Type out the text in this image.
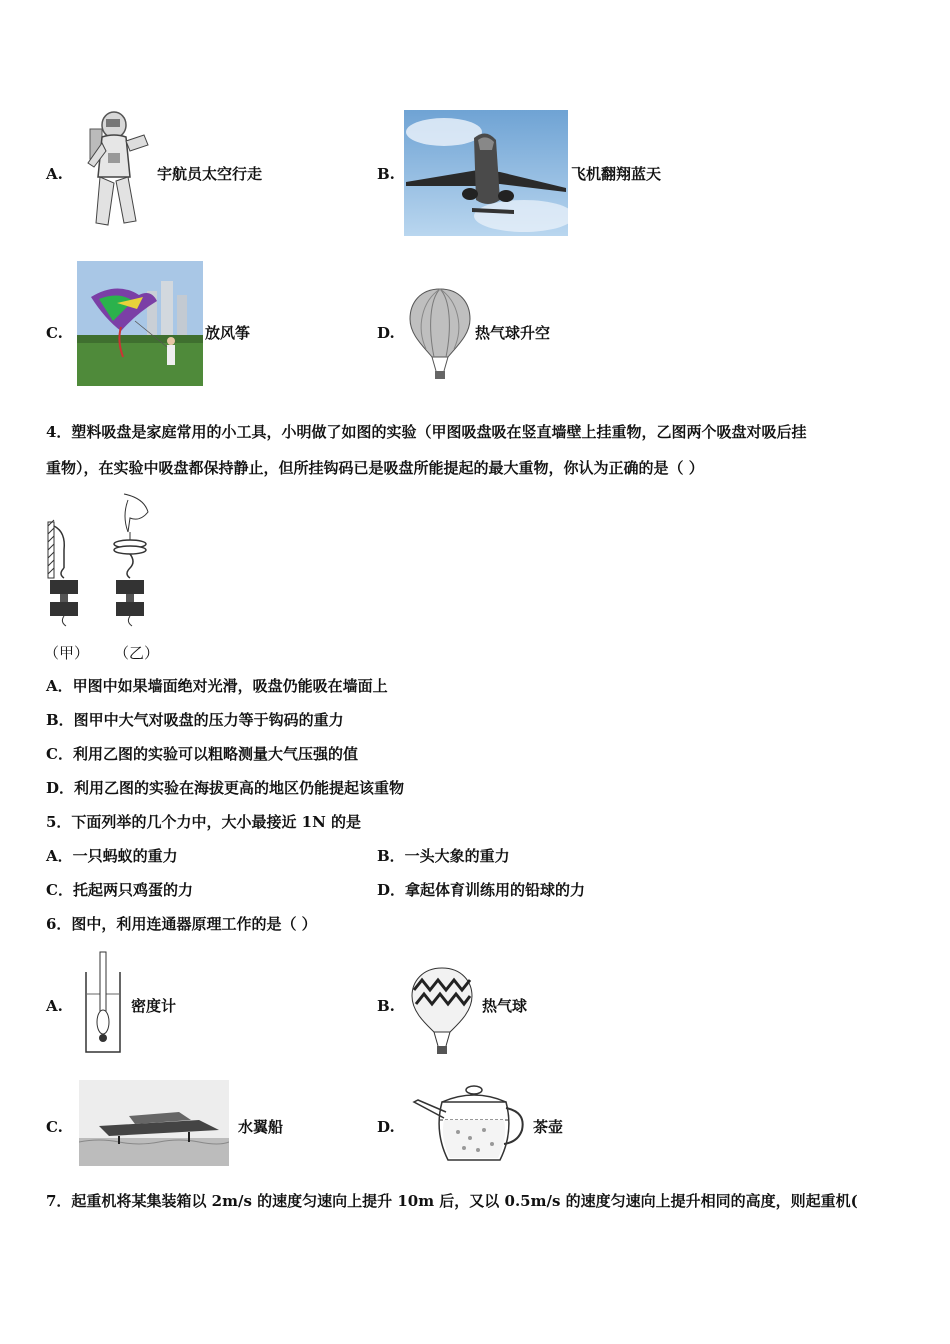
A.	宇航员太空行走	B.	飞机翻翔蓝天
C.	放风筝	D.	热气球升空
4．塑料吸盘是家庭常用的小工具，小明做了如图的实验（甲图吸盘吸在竖直墙壁上挂重物，乙图两个吸盘对吸后挂
重物），在实验中吸盘都保持静止，但所挂钩码已是吸盘所能提起的最大重物，你认为正确的是（ ）
（甲） （乙）
A．甲图中如果墙面绝对光滑，吸盘仍能吸在墙面上
B．图甲中大气对吸盘的压力等于钩码的重力
C．利用乙图的实验可以粗略测量大气压强的值
D．利用乙图的实验在海拔更高的地区仍能提起该重物
5．下面列举的几个力中，大小最接近 1N 的是
A．一只蚂蚁的重力	B．一头大象的重力
C．托起两只鸡蛋的力	D．拿起体育训练用的铅球的力
6．图中，利用连通器原理工作的是（ ）
A.	密度计	B.	热气球
C.	水翼船	D.	茶壶
7．起重机将某集装箱以 2m/s 的速度匀速向上提升 10m 后，又以 0.5m/s 的速度匀速向上提升相同的高度，则起重机(
